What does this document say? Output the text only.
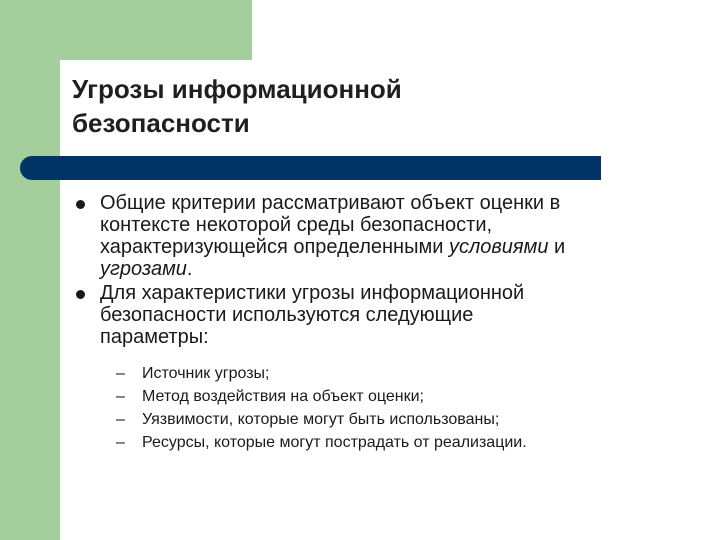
Угрозы информационной
безопасности
Общие критерии рассматривают объект оценки в
контексте некоторой среды безопасности,
характеризующейся определенными условиями и
угрозами.
Для характеристики угрозы информационной
безопасности используются следующие
параметры:
– Источник угрозы;
– Метод воздействия на объект оценки;
– Уязвимости, которые могут быть использованы;
– Ресурсы, которые могут пострадать от реализации.
